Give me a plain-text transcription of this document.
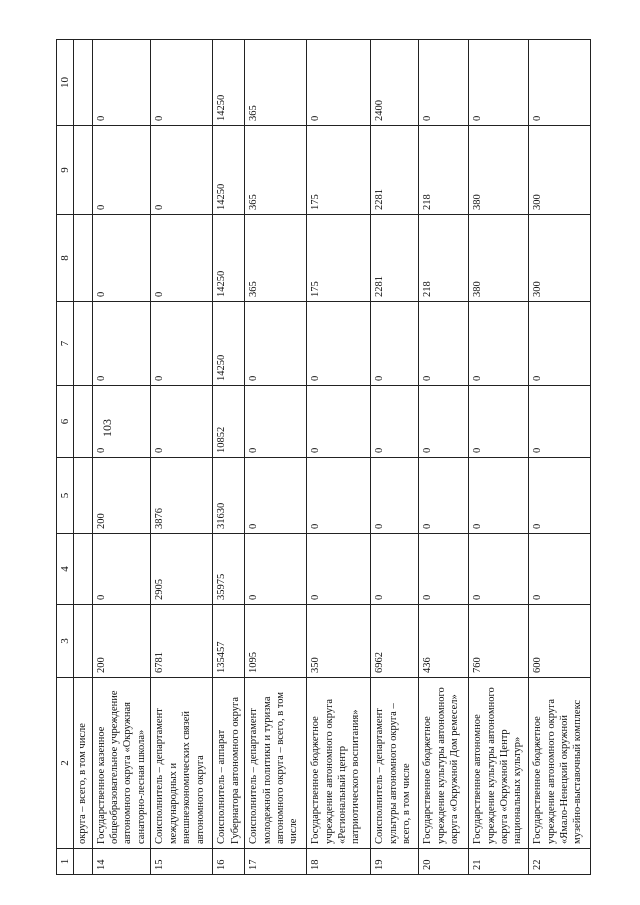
103
1	2	3	4	5	6	7	8	9	10
	округа – всего, в том числе								
14	Государственное казенное общеобразовательное учреждение автономного округа «Окружная санаторно-лесная школа»	200	0	200	0	0	0	0	0
15	Соисполнитель – департамент международных и внешнеэкономических связей автономного округа	6781	2905	3876	0	0	0	0	0
16	Соисполнитель – аппарат Губернатора автономного округа	135457	35975	31630	10852	14250	14250	14250	14250
17	Соисполнитель – департамент молодежной политики и туризма автономного округа – всего, в том числе	1095	0	0	0	0	365	365	365
18	Государственное бюджетное учреждение автономного округа «Региональный центр патриотического воспитания»	350	0	0	0	0	175	175	0
19	Соисполнитель – департамент культуры автономного округа – всего, в том числе	6962	0	0	0	0	2281	2281	2400
20	Государственное бюджетное учреждение культуры автономного округа «Окружной Дом ремесел»	436	0	0	0	0	218	218	0
21	Государственное автономное учреждение культуры автономного округа «Окружной Центр национальных культур»	760	0	0	0	0	380	380	0
22	Государственное бюджетное учреждение автономного округа «Ямало-Ненецкий окружной музейно-выставочный комплекс	600	0	0	0	0	300	300	0
